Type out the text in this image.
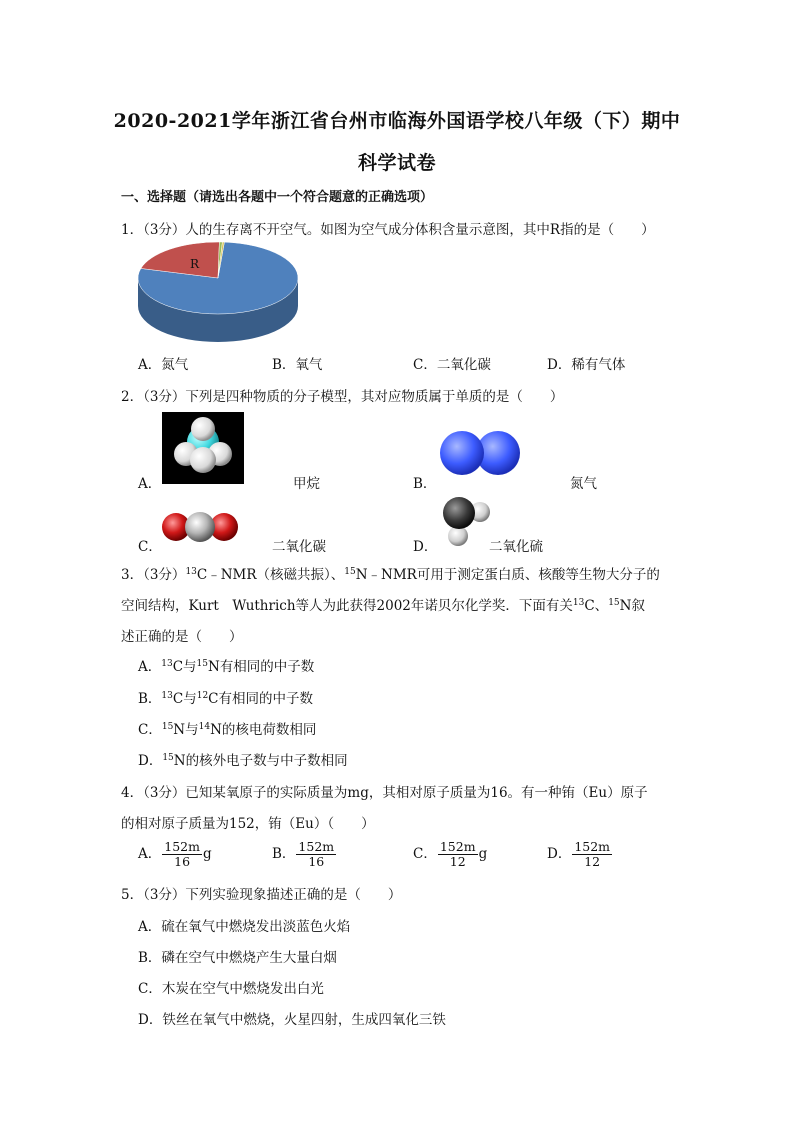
2020-2021学年浙江省台州市临海外国语学校八年级（下）期中
科学试卷
一、选择题（请选出各题中一个符合题意的正确选项）
1．（3分）人的生存离不开空气。如图为空气成分体积含量示意图，其中R指的是（　　）
R
A．氮气	B．氧气	C．二氧化碳	D．稀有气体
2．（3分）下列是四种物质的分子模型，其对应物质属于单质的是（　　）
A．	甲烷	B．	氮气
C．	二氧化碳	D．	二氧化硫
3．（3分）$^{13}$C﹣NMR（核磁共振）、$^{15}$N﹣NMR可用于测定蛋白质、核酸等生物大分子的
空间结构，Kurt　Wuthrich等人为此获得2002年诺贝尔化学奖．下面有关$^{13}$C、$^{15}$N叙
述正确的是（　　）
A．$^{13}$C与$^{15}$N有相同的中子数
B．$^{13}$C与$^{12}$C有相同的中子数
C．$^{15}$N与$^{14}$N的核电荷数相同
D．$^{15}$N的核外电子数与中子数相同
4．（3分）已知某氧原子的实际质量为mg，其相对原子质量为16。有一种铕（Eu）原子
的相对原子质量为152，铕（Eu）（　　）
A． $\frac{152m}{16}$ g	B． $\frac{152m}{16}$	C． $\frac{152m}{12}$ g	D． $\frac{152m}{12}$
5．（3分）下列实验现象描述正确的是（　　）
A．硫在氧气中燃烧发出淡蓝色火焰
B．磷在空气中燃烧产生大量白烟
C．木炭在空气中燃烧发出白光
D．铁丝在氧气中燃烧，火星四射，生成四氧化三铁
